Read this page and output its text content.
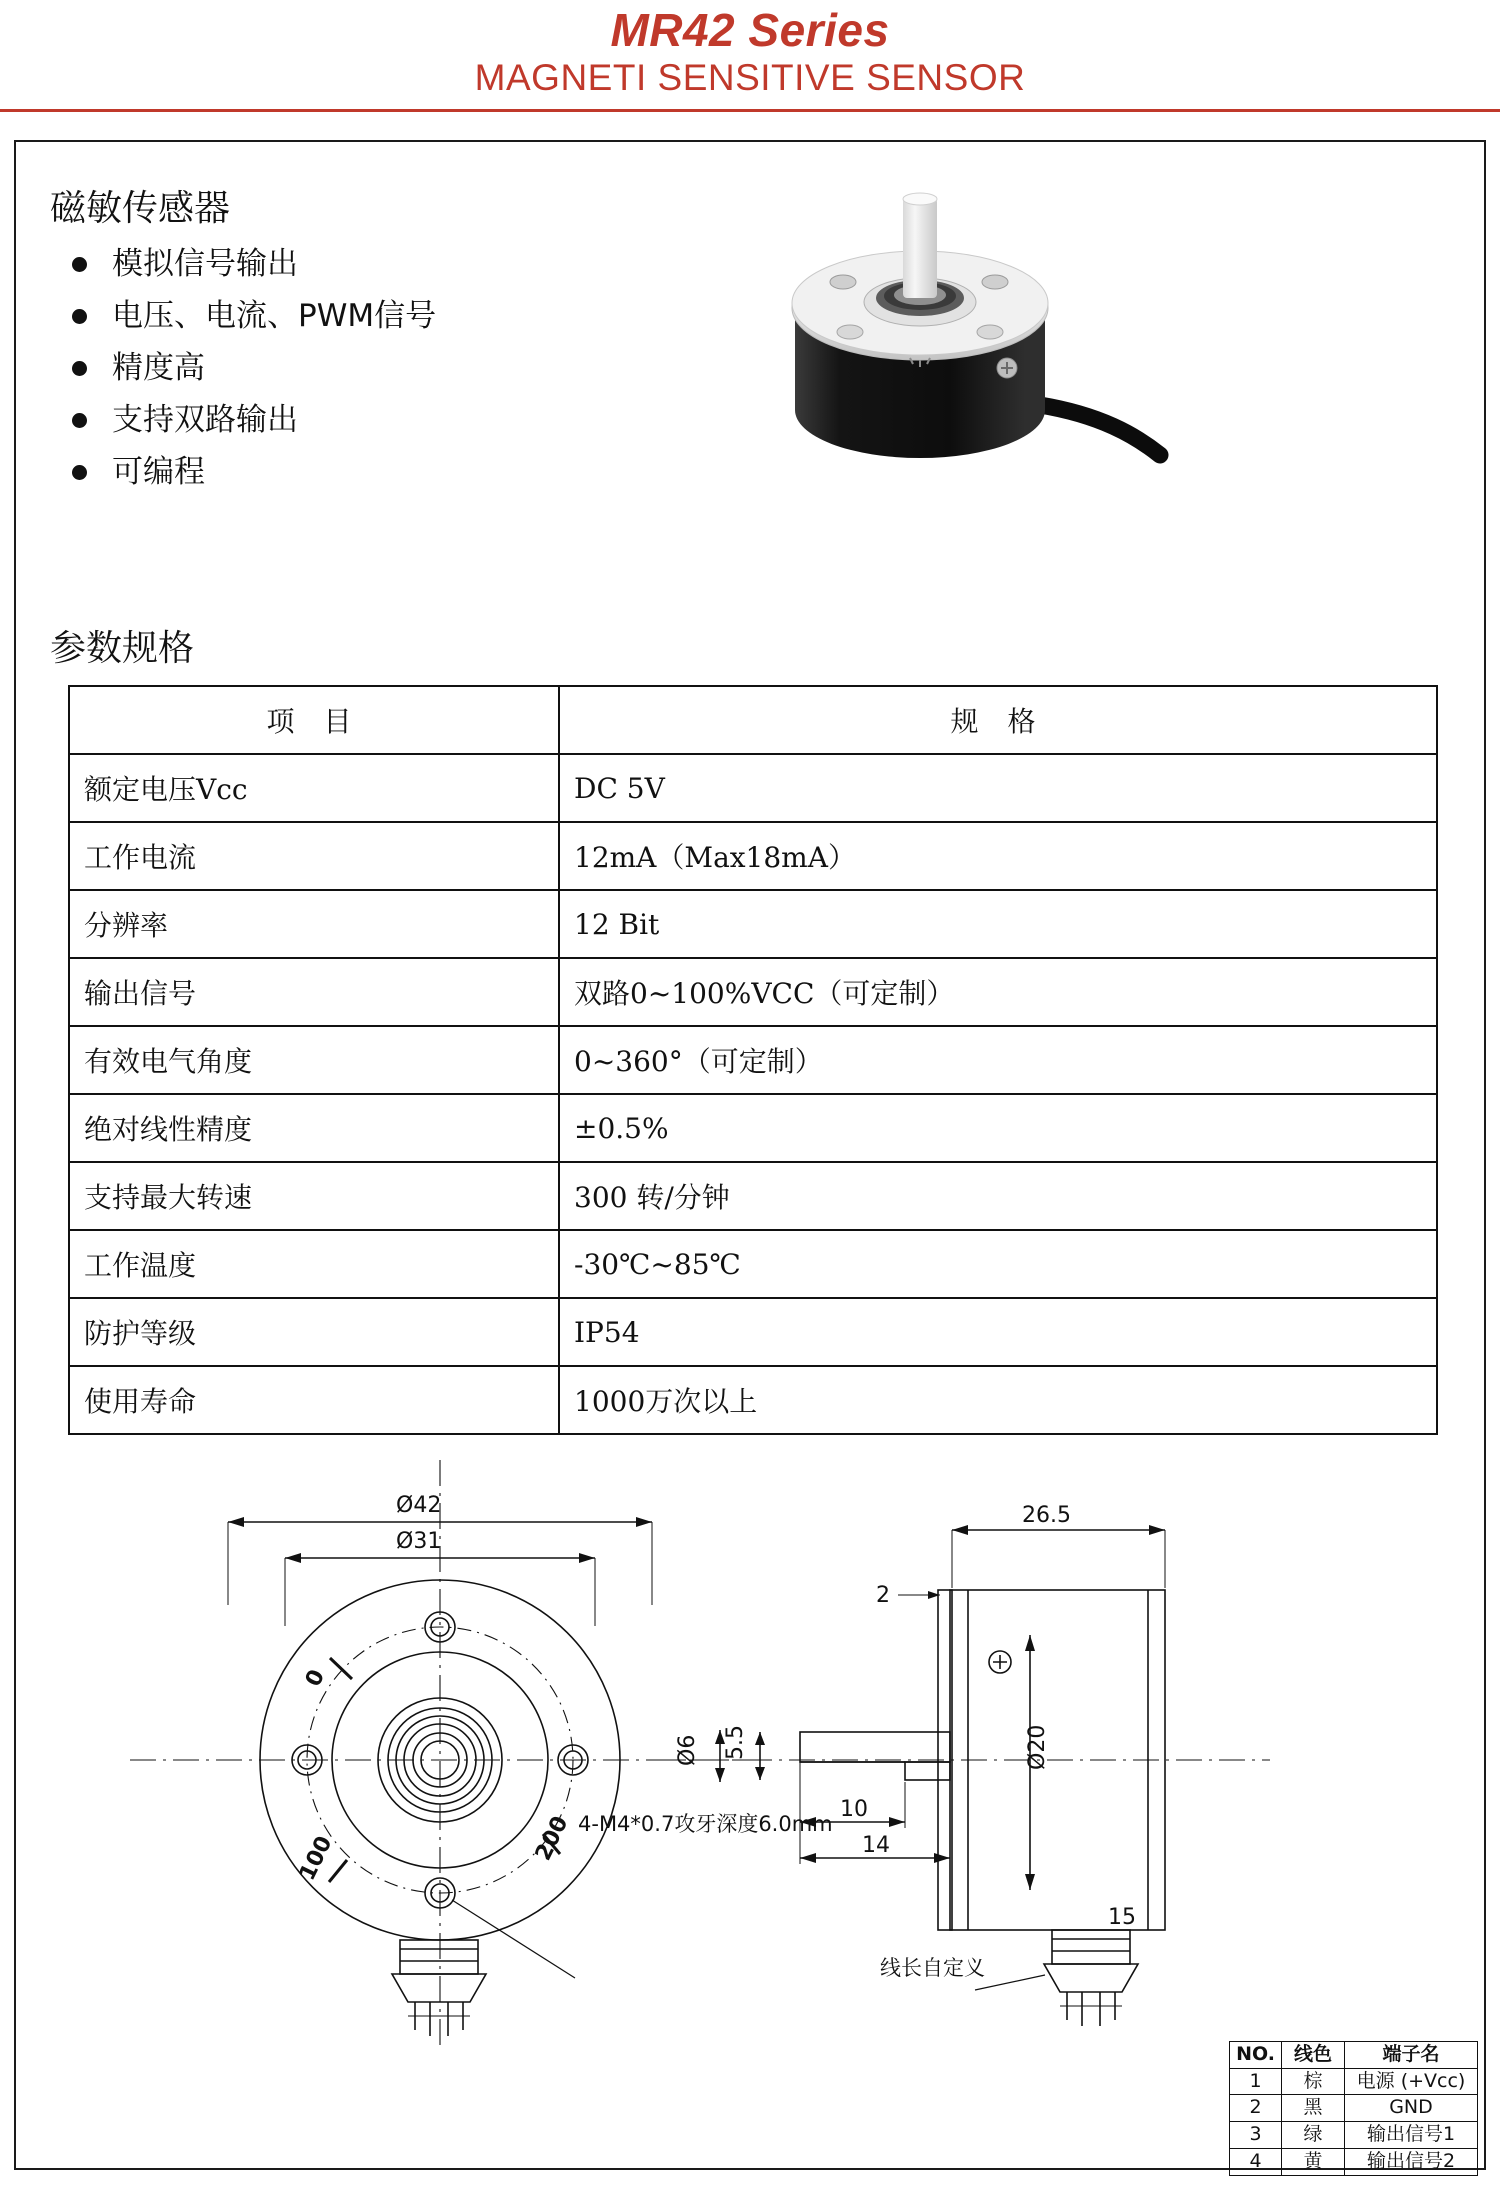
MR42 Series
MAGNETI SENSITIVE SENSOR
磁敏传感器
模拟信号输出
电压、电流、PWM信号
精度高
支持双路输出
可编程
参数规格
项 目	规 格
额定电压Vcc	DC 5V
工作电流	12mA（Max18mA）
分辨率	12 Bit
输出信号	双路0~100%VCC（可定制）
有效电气角度	0~360°（可定制）
绝对线性精度	±0.5%
支持最大转速	300 转/分钟
工作温度	-30℃~85℃
防护等级	IP54
使用寿命	1000万次以上
Ø42
Ø31
26.5
2
Ø6 5.5	Ø20
10
14
15
0
200
100
4-M4*0.7攻牙深度6.0mm
线长自定义
NO.	线色	端子名
1	棕	电源 (+Vcc)
2	黑	GND
3	绿	输出信号1
4	黄	输出信号2
